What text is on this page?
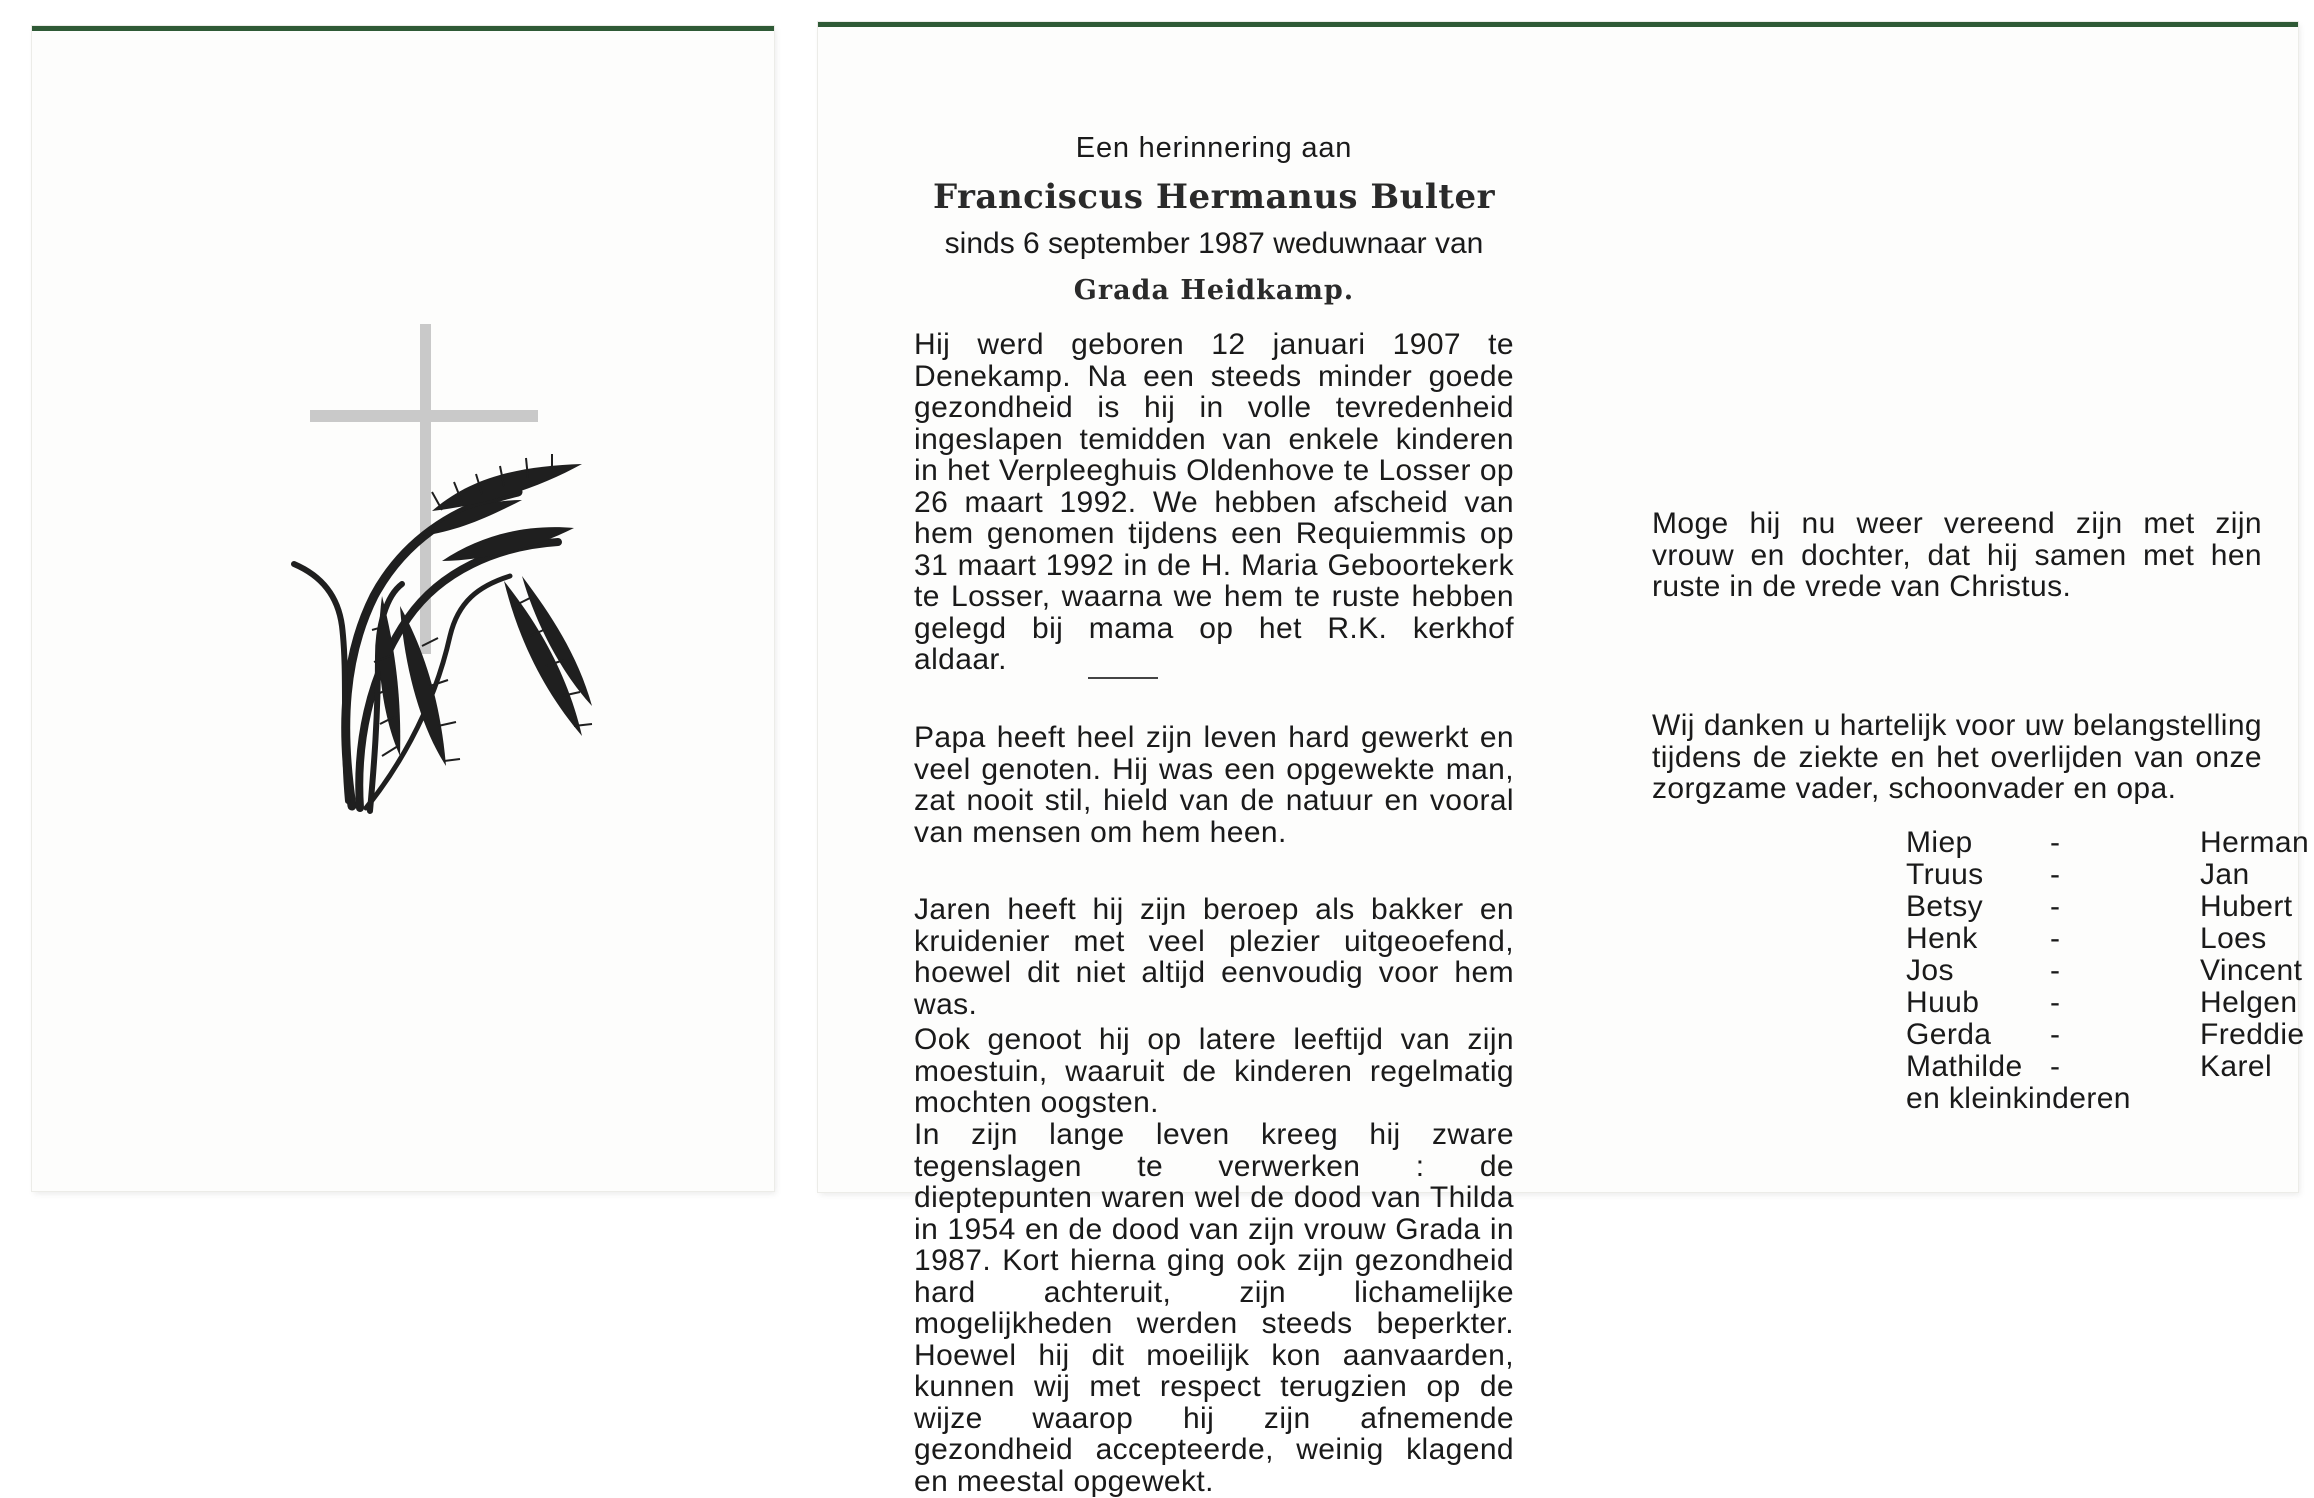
Een herinnering aan
Franciscus Hermanus Bulter
sinds 6 september 1987 weduwnaar van
Grada Heidkamp.

Hij werd geboren 12 januari 1907 te Denekamp. Na een steeds minder goede gezondheid is hij in volle tevredenheid ingeslapen temidden van enkele kinderen in het Verpleeghuis Oldenhove te Losser op 26 maart 1992. We hebben afscheid van hem genomen tijdens een Requiemmis op 31 maart 1992 in de H. Maria Geboortekerk te Losser, waarna we hem te ruste hebben gelegd bij mama op het R.K. kerkhof aldaar.

Papa heeft heel zijn leven hard gewerkt en veel genoten. Hij was een opgewekte man, zat nooit stil, hield van de natuur en vooral van mensen om hem heen.

Jaren heeft hij zijn beroep als bakker en kruidenier met veel plezier uitgeoefend, hoewel dit niet altijd eenvoudig voor hem was.

Ook genoot hij op latere leeftijd van zijn moestuin, waaruit de kinderen regelmatig mochten oogsten.

In zijn lange leven kreeg hij zware tegenslagen te verwerken : de dieptepunten waren wel de dood van Thilda in 1954 en de dood van zijn vrouw Grada in 1987. Kort hierna ging ook zijn gezondheid hard achteruit, zijn lichamelijke mogelijkheden werden steeds beperkter. Hoewel hij dit moeilijk kon aanvaarden, kunnen wij met respect terugzien op de wijze waarop hij zijn afnemende gezondheid accepteerde, weinig klagend en meestal opgewekt.

Moge hij nu weer vereend zijn met zijn vrouw en dochter, dat hij samen met hen ruste in de vrede van Christus.

Wij danken u hartelijk voor uw belangstelling tijdens de ziekte en het overlijden van onze zorgzame vader, schoonvader en opa.

Miep	-	Herman
Truus	-	Jan
Betsy	-	Hubert
Henk	-	Loes
Jos	-	Vincent
Huub	-	Helgen
Gerda	-	Freddie
Mathilde -	Karel
en kleinkinderen
